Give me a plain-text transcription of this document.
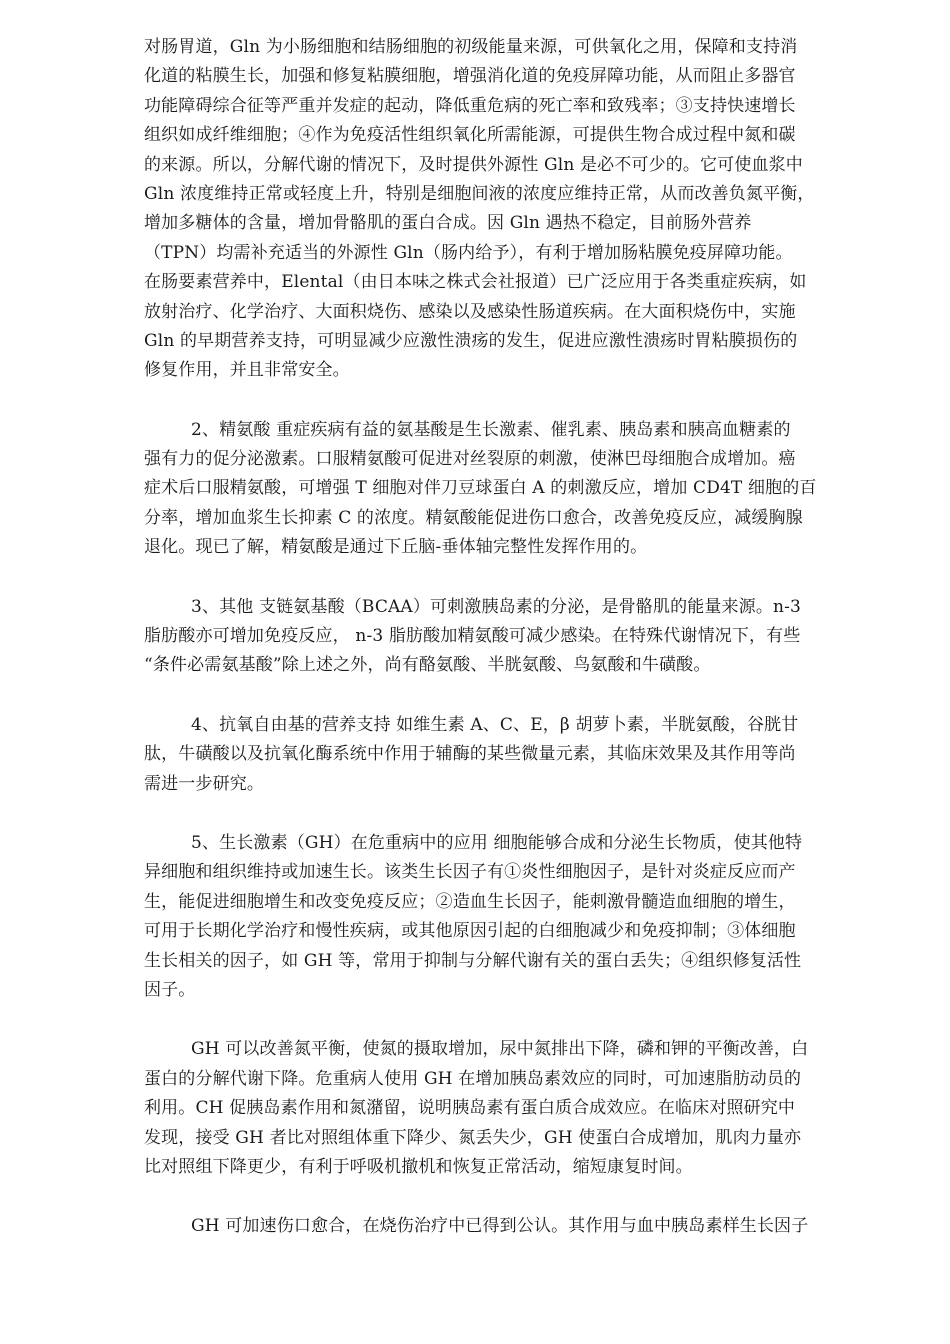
对肠胃道，Gln 为小肠细胞和结肠细胞的初级能量来源，可供氧化之用，保障和支持消
化道的粘膜生长，加强和修复粘膜细胞，增强消化道的免疫屏障功能，从而阻止多器官
功能障碍综合征等严重并发症的起动，降低重危病的死亡率和致残率；③支持快速增长
组织如成纤维细胞；④作为免疫活性组织氧化所需能源，可提供生物合成过程中氮和碳
的来源。所以，分解代谢的情况下，及时提供外源性 Gln 是必不可少的。它可使血浆中
Gln 浓度维持正常或轻度上升，特别是细胞间液的浓度应维持正常，从而改善负氮平衡，
增加多糖体的含量，增加骨骼肌的蛋白合成。因 Gln 遇热不稳定，目前肠外营养
（TPN）均需补充适当的外源性 Gln（肠内给予），有利于增加肠粘膜免疫屏障功能。
在肠要素营养中，Elental（由日本味之株式会社报道）已广泛应用于各类重症疾病，如
放射治疗、化学治疗、大面积烧伤、感染以及感染性肠道疾病。在大面积烧伤中，实施
Gln 的早期营养支持，可明显减少应激性溃疡的发生，促进应激性溃疡时胃粘膜损伤的
修复作用，并且非常安全。
2、精氨酸 重症疾病有益的氨基酸是生长激素、催乳素、胰岛素和胰高血糖素的
强有力的促分泌激素。口服精氨酸可促进对丝裂原的刺激，使淋巴母细胞合成增加。癌
症术后口服精氨酸，可增强 T 细胞对伴刀豆球蛋白 A 的刺激反应，增加 CD4T 细胞的百
分率，增加血浆生长抑素 C 的浓度。精氨酸能促进伤口愈合，改善免疫反应，减缓胸腺
退化。现已了解，精氨酸是通过下丘脑-垂体轴完整性发挥作用的。
3、其他 支链氨基酸（BCAA）可刺激胰岛素的分泌，是骨骼肌的能量来源。n-3
脂肪酸亦可增加免疫反应， n-3 脂肪酸加精氨酸可减少感染。在特殊代谢情况下，有些
“条件必需氨基酸”除上述之外，尚有酪氨酸、半胱氨酸、鸟氨酸和牛磺酸。
4、抗氧自由基的营养支持 如维生素 A、C、E，β 胡萝卜素，半胱氨酸，谷胱甘
肽，牛磺酸以及抗氧化酶系统中作用于辅酶的某些微量元素，其临床效果及其作用等尚
需进一步研究。
5、生长激素（GH）在危重病中的应用 细胞能够合成和分泌生长物质，使其他特
异细胞和组织维持或加速生长。该类生长因子有①炎性细胞因子，是针对炎症反应而产
生，能促进细胞增生和改变免疫反应；②造血生长因子，能刺激骨髓造血细胞的增生，
可用于长期化学治疗和慢性疾病，或其他原因引起的白细胞减少和免疫抑制；③体细胞
生长相关的因子，如 GH 等，常用于抑制与分解代谢有关的蛋白丢失；④组织修复活性
因子。
GH 可以改善氮平衡，使氮的摄取增加，尿中氮排出下降，磷和钾的平衡改善，白
蛋白的分解代谢下降。危重病人使用 GH 在增加胰岛素效应的同时，可加速脂肪动员的
利用。CH 促胰岛素作用和氮潴留，说明胰岛素有蛋白质合成效应。在临床对照研究中
发现，接受 GH 者比对照组体重下降少、氮丢失少，GH 使蛋白合成增加，肌肉力量亦
比对照组下降更少，有利于呼吸机撤机和恢复正常活动，缩短康复时间。
GH 可加速伤口愈合，在烧伤治疗中已得到公认。其作用与血中胰岛素样生长因子
